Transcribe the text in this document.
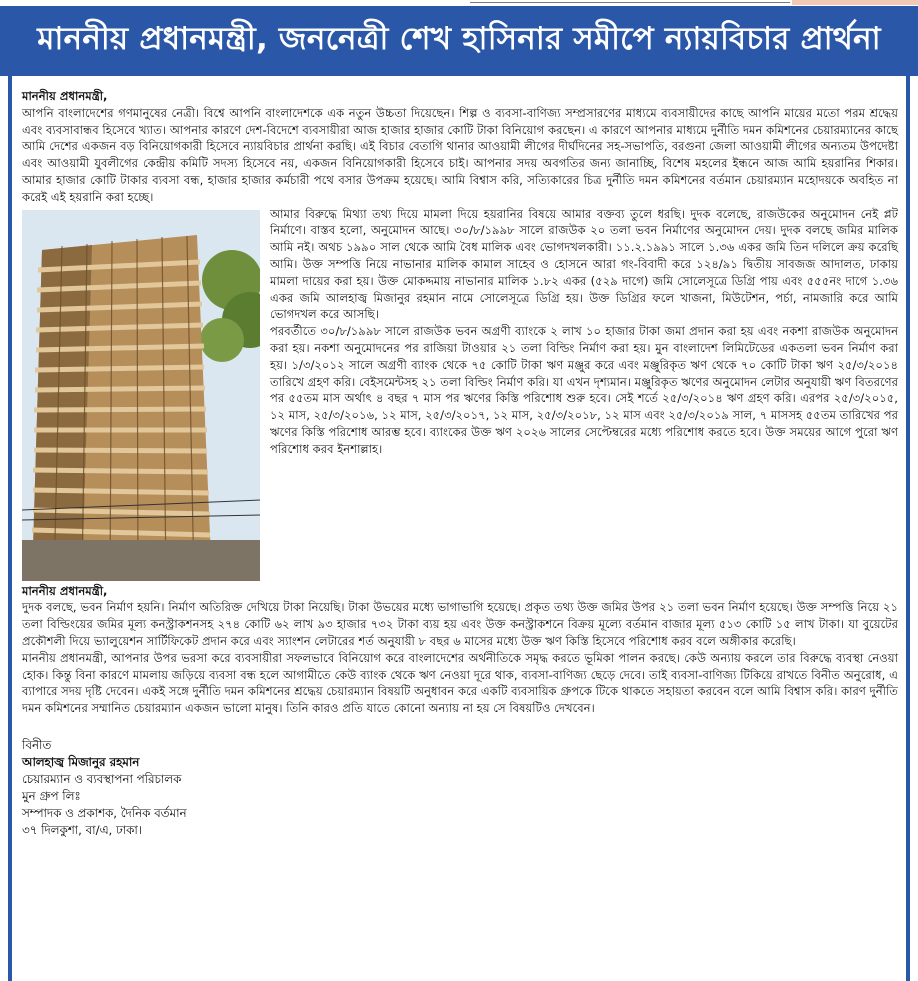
মাননীয় প্রধানমন্ত্রী, জননেত্রী শেখ হাসিনার সমীপে ন্যায়বিচার প্রার্থনা

মাননীয় প্রধানমন্ত্রী,

আপনি বাংলাদেশের গণমানুষের নেত্রী। বিশ্বে আপনি বাংলাদেশকে এক নতুন উচ্চতা দিয়েছেন। শিল্প ও ব্যবসা-বাণিজ্য সম্প্রসারণের মাধ্যমে ব্যবসায়ীদের কাছে আপনি মায়ের মতো পরম শ্রদ্ধেয় এবং ব্যবসাবান্ধব হিসেবে খ্যাত। আপনার কারণে দেশ-বিদেশে ব্যবসায়ীরা আজ হাজার হাজার কোটি টাকা বিনিয়োগ করছেন। এ কারণে আপনার মাধ্যমে দুর্নীতি দমন কমিশনের চেয়ারম্যানের কাছে আমি দেশের একজন বড় বিনিয়োগকারী হিসেবে ন্যায়বিচার প্রার্থনা করছি। এই বিচার বেতাগি থানার আওয়ামী লীগের দীর্ঘদিনের সহ-সভাপতি, বরগুনা জেলা আওয়ামী লীগের অন্যতম উপদেষ্টা এবং আওয়ামী যুবলীগের কেন্দ্রীয় কমিটি সদস্য হিসেবে নয়, একজন বিনিয়োগকারী হিসেবে চাই। আপনার সদয় অবগতির জন্য জানাচ্ছি, বিশেষ মহলের ইন্ধনে আজ আমি হয়রানির শিকার। আমার হাজার কোটি টাকার ব্যবসা বন্ধ, হাজার হাজার কর্মচারী পথে বসার উপক্রম হয়েছে। আমি বিশ্বাস করি, সত্যিকারের চিত্র দুর্নীতি দমন কমিশনের বর্তমান চেয়ারম্যান মহোদয়কে অবহিত না করেই এই হয়রানি করা হচ্ছে।

আমার বিরুদ্ধে মিথ্যা তথ্য দিয়ে মামলা দিয়ে হয়রানির বিষয়ে আমার বক্তব্য তুলে ধরছি। দুদক বলেছে, রাজউকের অনুমোদন নেই প্লট নির্মাণে। বাস্তব হলো, অনুমোদন আছে। ৩০/৮/১৯৯৮ সালে রাজউক ২০ তলা ভবন নির্মাণের অনুমোদন দেয়। দুদক বলছে জমির মালিক আমি নই। অথচ ১৯৯০ সাল থেকে আমি বৈধ মালিক এবং ভোগদখলকারী। ১১.২.১৯৯১ সালে ১.৩৬ একর জমি তিন দলিলে ক্রয় করেছি আমি। উক্ত সম্পত্তি নিয়ে নাভানার মালিক কামাল সাহেব ও হোসনে আরা গং-বিবাদী করে ১২৪/৯১ দ্বিতীয় সাবজজ আদালত, ঢাকায় মামলা দায়ের করা হয়। উক্ত মোকদ্দমায় নাভানার মালিক ১.৮২ একর (৫২৯ দাগে) জমি সোলেসূত্রে ডিগ্রি পায় এবং ৫৫৫নং দাগে ১.৩৬ একর জমি আলহাজ্ব মিজানুর রহমান নামে সোলেসূত্রে ডিগ্রি হয়। উক্ত ডিগ্রির ফলে খাজনা, মিউটেশন, পর্চা, নামজারি করে আমি ভোগদখল করে আসছি।

পরবর্তীতে ৩০/৮/১৯৯৮ সালে রাজউক ভবন অগ্রণী ব্যাংকে ২ লাখ ১০ হাজার টাকা জমা প্রদান করা হয় এবং নকশা রাজউক অনুমোদন করা হয়। নকশা অনুমোদনের পর রাজিয়া টাওয়ার ২১ তলা বিল্ডিং নির্মাণ করা হয়। মুন বাংলাদেশ লিমিটেডের একতলা ভবন নির্মাণ করা হয়। ১/৩/২০১২ সালে অগ্রণী ব্যাংক থেকে ৭৫ কোটি টাকা ঋণ মঞ্জুর করে এবং মঞ্জুরিকৃত ঋণ থেকে ৭০ কোটি টাকা ঋণ ২৫/৩/২০১৪ তারিখে গ্রহণ করি। বেইসমেন্টসহ ২১ তলা বিল্ডিং নির্মাণ করি। যা এখন দৃশ্যমান। মঞ্জুরিকৃত ঋণের অনুমোদন লেটার অনুযায়ী ঋণ বিতরণের পর ৫৫তম মাস অর্থাৎ ৪ বছর ৭ মাস পর ঋণের কিস্তি পরিশোধ শুরু হবে। সেই শর্তে ২৫/৩/২০১৪ ঋণ গ্রহণ করি। এরপর ২৫/৩/২০১৫, ১২ মাস, ২৫/৩/২০১৬, ১২ মাস, ২৫/৩/২০১৭, ১২ মাস, ২৫/৩/২০১৮, ১২ মাস এবং ২৫/৩/২০১৯ সাল, ৭ মাসসহ ৫৫তম তারিখের পর ঋণের কিস্তি পরিশোধ আরম্ভ হবে। ব্যাংকের উক্ত ঋণ ২০২৬ সালের সেপ্টেম্বরের মধ্যে পরিশোধ করতে হবে। উক্ত সময়ের আগে পুরো ঋণ পরিশোধ করব ইনশাল্লাহ।

মাননীয় প্রধানমন্ত্রী,

দুদক বলছে, ভবন নির্মাণ হয়নি। নির্মাণ অতিরিক্ত দেখিয়ে টাকা নিয়েছি। টাকা উভয়ের মধ্যে ভাগাভাগি হয়েছে। প্রকৃত তথ্য উক্ত জমির উপর ২১ তলা ভবন নির্মাণ হয়েছে। উক্ত সম্পত্তি নিয়ে ২১ তলা বিল্ডিংয়ের জমির মূল্য কনস্ট্রাকশনসহ ২৭৪ কোটি ৬২ লাখ ৯৩ হাজার ৭৩২ টাকা ব্যয় হয় এবং উক্ত কনস্ট্রাকশনে বিক্রয় মূল্যে বর্তমান বাজার মূল্য ৫১৩ কোটি ১৫ লাখ টাকা। যা বুয়েটের প্রকৌশলী দিয়ে ভ্যালুয়েশন সার্টিফিকেট প্রদান করে এবং স্যাংশন লেটারের শর্ত অনুযায়ী ৮ বছর ৬ মাসের মধ্যে উক্ত ঋণ কিস্তি হিসেবে পরিশোধ করব বলে অঙ্গীকার করেছি।

মাননীয় প্রধানমন্ত্রী, আপনার উপর ভরসা করে ব্যবসায়ীরা সফলভাবে বিনিয়োগ করে বাংলাদেশের অর্থনীতিকে সমৃদ্ধ করতে ভূমিকা পালন করছে। কেউ অন্যায় করলে তার বিরুদ্ধে ব্যবস্থা নেওয়া হোক। কিন্তু বিনা কারণে মামলায় জড়িয়ে ব্যবসা বন্ধ হলে আগামীতে কেউ ব্যাংক থেকে ঋণ নেওয়া দূরে থাক, ব্যবসা-বাণিজ্য ছেড়ে দেবে। তাই ব্যবসা-বাণিজ্য টিকিয়ে রাখতে বিনীত অনুরোধ, এ ব্যাপারে সদয় দৃষ্টি দেবেন। একই সঙ্গে দুর্নীতি দমন কমিশনের শ্রদ্ধেয় চেয়ারম্যান বিষয়টি অনুধাবন করে একটি ব্যবসায়িক গ্রুপকে টিকে থাকতে সহায়তা করবেন বলে আমি বিশ্বাস করি। কারণ দুর্নীতি দমন কমিশনের সম্মানিত চেয়ারম্যান একজন ভালো মানুষ। তিনি কারও প্রতি যাতে কোনো অন্যায় না হয় সে বিষয়টিও দেখবেন।

বিনীত
আলহাজ্ব মিজানুর রহমান
চেয়ারম্যান ও ব্যবস্থাপনা পরিচালক
মুন গ্রুপ লিঃ
সম্পাদক ও প্রকাশক, দৈনিক বর্তমান
৩৭ দিলকুশা, বা/এ, ঢাকা।
